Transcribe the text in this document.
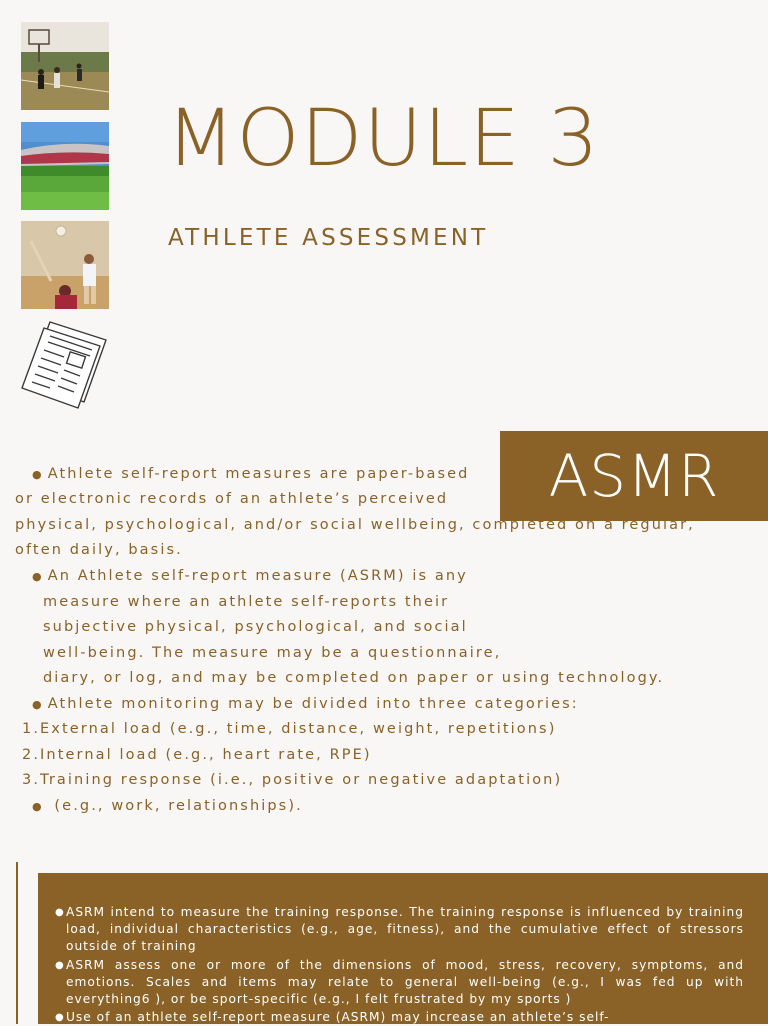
MODULE 3
ATHLETE ASSESSMENT
ASMR
● Athlete self-report measures are paper-based
or electronic records of an athlete’s perceived
physical, psychological, and/or social wellbeing, completed on a regular,
often daily, basis.
● An Athlete self-report measure (ASRM) is any
measure where an athlete self-reports their
subjective physical, psychological, and social
well-being. The measure may be a questionnaire,
diary, or log, and may be completed on paper or using technology.
● Athlete monitoring may be divided into three categories:
1.External load (e.g., time, distance, weight, repetitions)
2.Internal load (e.g., heart rate, RPE)
3.Training response (i.e., positive or negative adaptation)
● (e.g., work, relationships).
● ASRM intend to measure the training response. The training response is influenced by training load, individual characteristics (e.g., age, fitness), and the cumulative effect of stressors outside of training
● ASRM assess one or more of the dimensions of mood, stress, recovery, symptoms, and emotions. Scales and items may relate to general well-being (e.g., I was fed up with everything6 ), or be sport-specific (e.g., I felt frustrated by my sports )
● Use of an athlete self-report measure (ASRM) may increase an athlete’s self-
